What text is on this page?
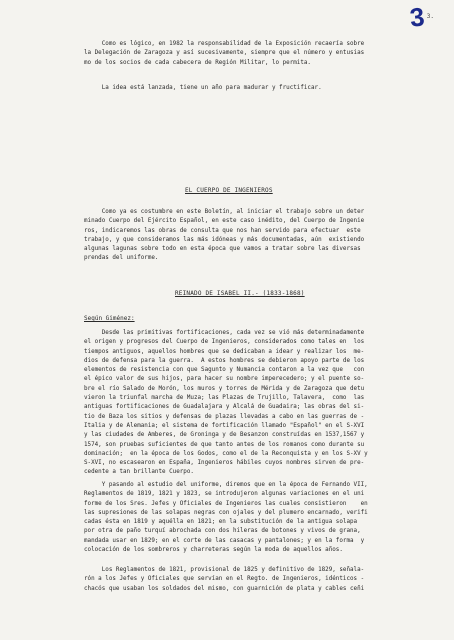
3 3.
Como es lógico, en 1982 la responsabilidad de la Exposición recaería sobre
la Delegación de Zaragoza y así sucesivamente, siempre que el número y entusias
mo de los socios de cada cabecera de Región Militar, lo permita.
La idea está lanzada, tiene un año para madurar y fructificar.
EL CUERPO DE INGENIEROS
Como ya es costumbre en este Boletín, al iniciar el trabajo sobre un deter
minado Cuerpo del Ejército Español, en este caso inédito, del Cuerpo de Ingenie
ros, indicaremos las obras de consulta que nos han servido para efectuar  este
trabajo, y que consideramos las más idóneas y más documentadas, aún  existiendo
algunas lagunas sobre todo en esta época que vamos a tratar sobre las diversas
prendas del uniforme.
REINADO DE ISABEL II.- (1833-1868)
Según Giménez:
Desde las primitivas fortificaciones, cada vez se vió más determinadamente
el origen y progresos del Cuerpo de Ingenieros, considerados como tales en  los
tiempos antiguos, aquellos hombres que se dedicaban a idear y realizar los  me-
dios de defensa para la guerra.  A estos hombres se debieron apoyo parte de los
elementos de resistencia con que Sagunto y Numancia contaron a la vez que   con
el épico valor de sus hijos, para hacer su nombre imperecedero; y el puente so-
bre el río Salado de Morón, los muros y torres de Mérida y de Zaragoza que detu
vieron la triunfal marcha de Muza; las Plazas de Trujillo, Talavera,  como  las
antiguas fortificaciones de Guadalajara y Alcalá de Guadaira; las obras del si-
tio de Baza los sitios y defensas de plazas llevadas a cabo en las guerras de -
Italia y de Alemania; el sistema de fortificación llamado "Español" en el S-XVI
y las ciudades de Amberes, de Groninga y de Besanzon construídas en 1537,1567 y
1574, son pruebas suficientes de que tanto antes de los romanos como durante su
dominación;  en la época de los Godos, como el de la Reconquista y en los S-XV y
S-XVI, no escasearon en España, Ingenieros hábiles cuyos nombres sirven de pre-
cedente a tan brillante Cuerpo.
Y pasando al estudio del uniforme, diremos que en la época de Fernando VII,
Reglamentos de 1819, 1821 y 1823, se introdujeron algunas variaciones en el uni
forme de los Sres. Jefes y Oficiales de Ingenieros las cuales consistieron    en
las supresiones de las solapas negras con ojales y del plumero encarnado, verifi
cadas ésta en 1819 y aquélla en 1821; en la substitución de la antigua solapa
por otra de paño turquí abrochada con dos hileras de botones y vivos de grana,
mandada usar en 1829; en el corte de las casacas y pantalones; y en la forma  y
colocación de los sombreros y charreteras según la moda de aquellos años.
Los Reglamentos de 1821, provisional de 1825 y definitivo de 1829, señala-
rón a los Jefes y Oficiales que servían en el Regto. de Ingenieros, idénticos -
chacós que usaban los soldados del mismo, con guarnición de plata y cables ceñi
